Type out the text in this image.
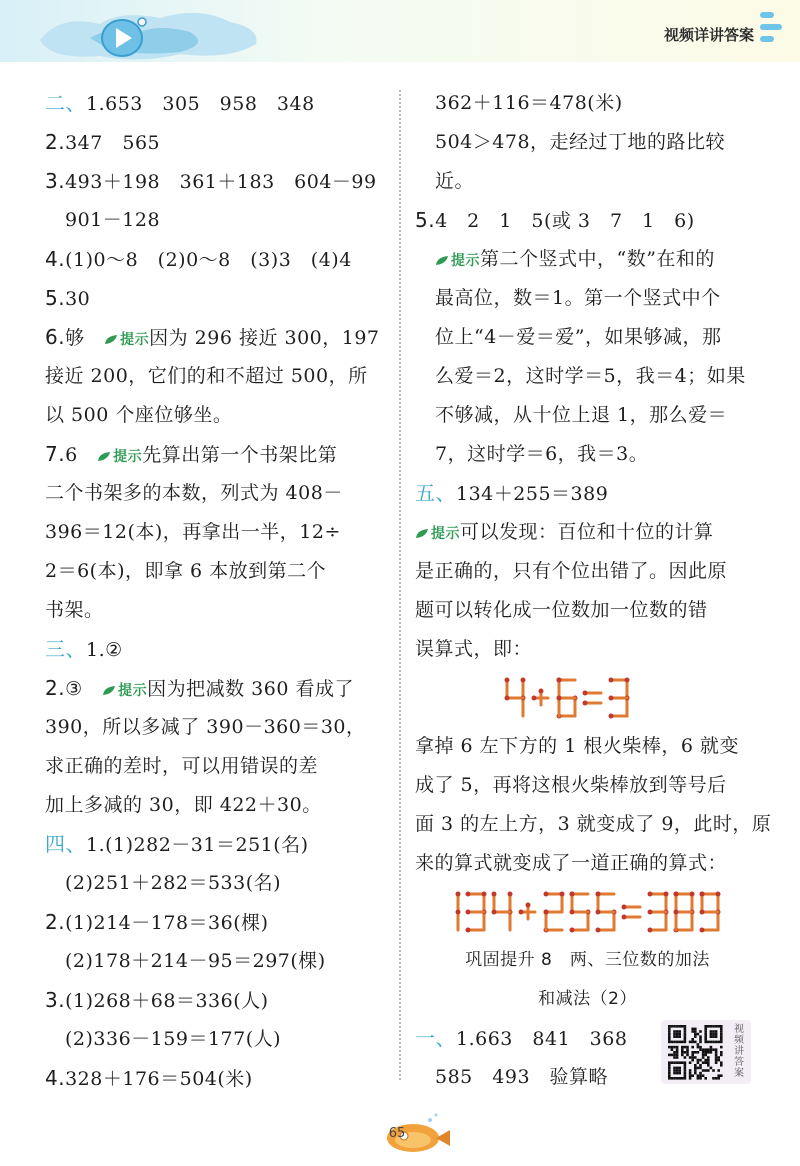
视频详讲答案
二、1.653　305　958　348
2.347　565
3.493＋198　361＋183　604－99
901－128
4.(1)0～8　(2)0～8　(3)3　(4)4
5.30
6.够　提示因为 296 接近 300，197
接近 200，它们的和不超过 500，所
以 500 个座位够坐。
7.6　提示先算出第一个书架比第
二个书架多的本数，列式为 408－
396＝12(本)，再拿出一半，12÷
2＝6(本)，即拿 6 本放到第二个
书架。
三、1.②
2.③　提示因为把减数 360 看成了
390，所以多减了 390－360＝30，
求正确的差时，可以用错误的差
加上多减的 30，即 422＋30。
四、1.(1)282－31＝251(名)
(2)251＋282＝533(名)
2.(1)214－178＝36(棵)
(2)178＋214－95＝297(棵)
3.(1)268＋68＝336(人)
(2)336－159＝177(人)
4.328＋176＝504(米)
362＋116＝478(米)
504＞478，走经过丁地的路比较
近。
5.4　2　1　5(或 3　7　1　6)
提示第二个竖式中，“数”在和的
最高位，数＝1。第一个竖式中个
位上“4－爱＝爱”，如果够减，那
么爱＝2，这时学＝5，我＝4；如果
不够减，从十位上退 1，那么爱＝
7，这时学＝6，我＝3。
五、134＋255＝389
提示可以发现：百位和十位的计算
是正确的，只有个位出错了。因此原
题可以转化成一位数加一位数的错
误算式，即：
拿掉 6 左下方的 1 根火柴棒，6 就变
成了 5，再将这根火柴棒放到等号后
面 3 的左上方，3 就变成了 9，此时，原
来的算式就变成了一道正确的算式：
巩固提升 8　两、三位数的加法
和减法（2）
一、1.663　841　368
585　493　验算略
视频讲答案
65
